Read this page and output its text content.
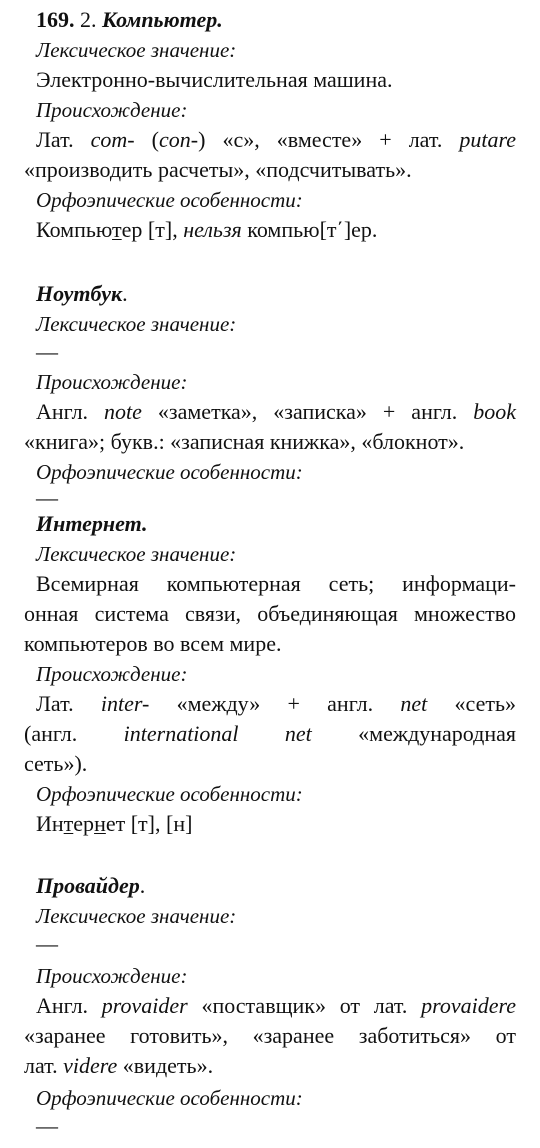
169. 2. Компьютер.
Лексическое значение:
Электронно-вычислительная машина.
Происхождение:
Лат. com- (con-) «с», «вместе» + лат. putare
«производить расчеты», «подсчитывать».
Орфоэпические особенности:
Компьютер [т], нельзя компью[т΄]ер.
Ноутбук.
Лексическое значение:
—
Происхождение:
Англ. note «заметка», «записка» + англ. book
«книга»; букв.: «записная книжка», «блокнот».
Орфоэпические особенности:
—
Интернет.
Лексическое значение:
Всемирная компьютерная сеть; информаци-
онная система связи, объединяющая множество
компьютеров во всем мире.
Происхождение:
Лат. inter- «между» + англ. net «сеть»
(англ. international net «международная
сеть»).
Орфоэпические особенности:
Интернет [т], [н]
Провайдер.
Лексическое значение:
—
Происхождение:
Англ. provaider «поставщик» от лат. provaidere
«заранее готовить», «заранее заботиться» от
лат. videre «видеть».
Орфоэпические особенности:
—
